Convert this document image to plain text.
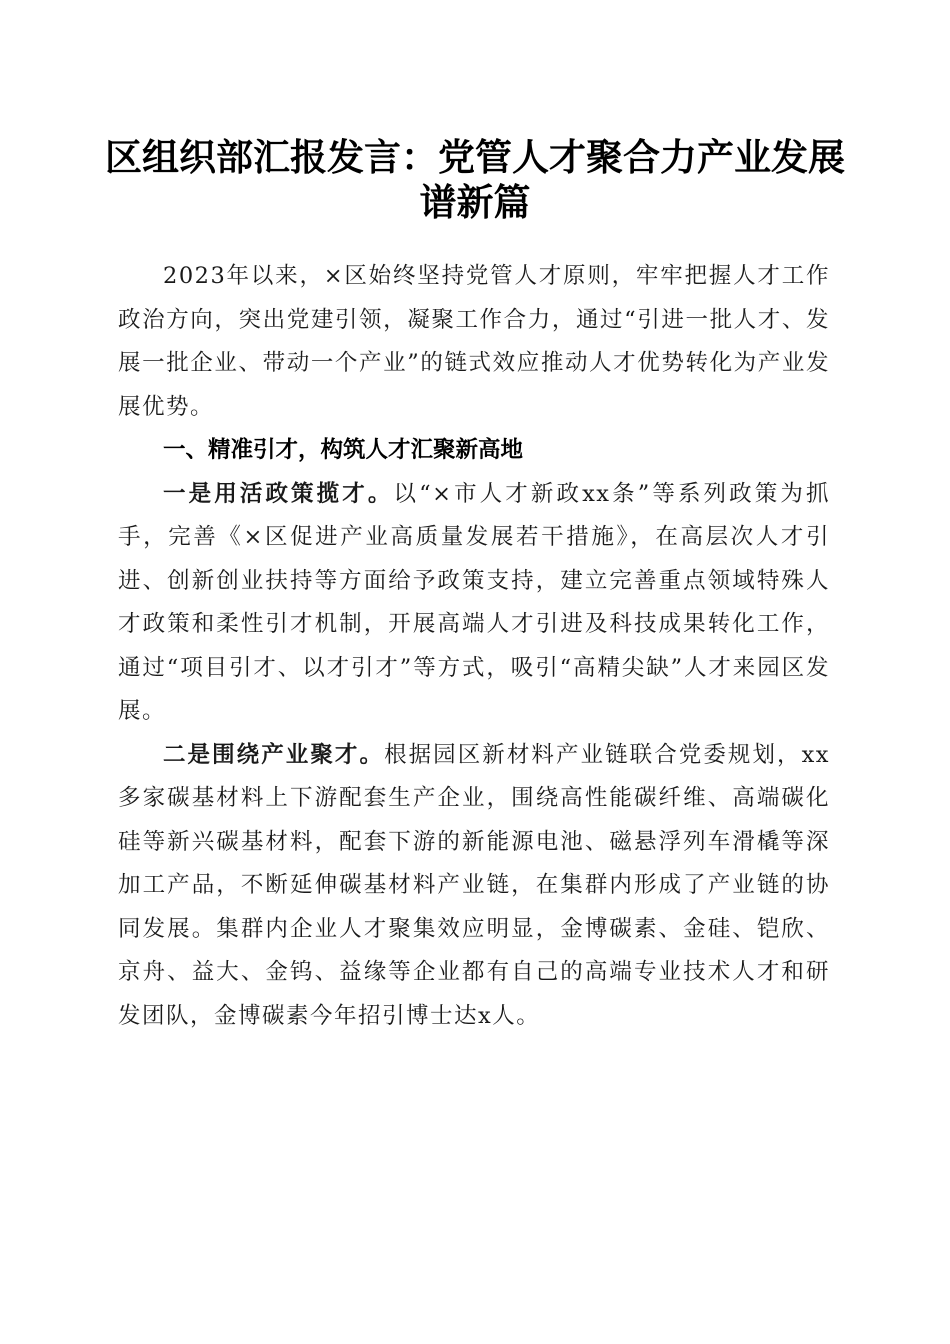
区组织部汇报发言：党管人才聚合力产业发展
谱新篇

2023年以来，×区始终坚持党管人才原则，牢牢把握人才工作政治方向，突出党建引领，凝聚工作合力，通过“引进一批人才、发展一批企业、带动一个产业”的链式效应推动人才优势转化为产业发展优势。

一、精准引才，构筑人才汇聚新高地

一是用活政策揽才。以“×市人才新政xx条”等系列政策为抓手，完善《×区促进产业高质量发展若干措施》，在高层次人才引进、创新创业扶持等方面给予政策支持，建立完善重点领域特殊人才政策和柔性引才机制，开展高端人才引进及科技成果转化工作，通过“项目引才、以才引才”等方式，吸引“高精尖缺”人才来园区发展。

二是围绕产业聚才。根据园区新材料产业链联合党委规划，xx多家碳基材料上下游配套生产企业，围绕高性能碳纤维、高端碳化硅等新兴碳基材料，配套下游的新能源电池、磁悬浮列车滑橇等深加工产品，不断延伸碳基材料产业链，在集群内形成了产业链的协同发展。集群内企业人才聚集效应明显，金博碳素、金硅、铠欣、京舟、益大、金钨、益缘等企业都有自己的高端专业技术人才和研发团队，金博碳素今年招引博士达x人。
